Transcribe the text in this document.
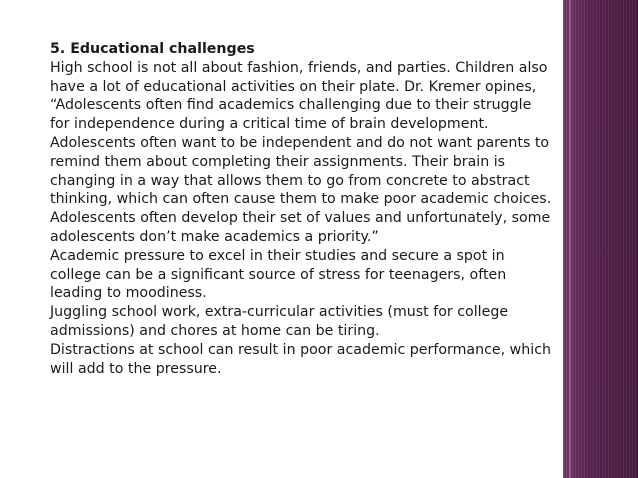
5. Educational challenges
High school is not all about fashion, friends, and parties. Children also have a lot of educational activities on their plate. Dr. Kremer opines, “Adolescents often find academics challenging due to their struggle for independence during a critical time of brain development. Adolescents often want to be independent and do not want parents to remind them about completing their assignments. Their brain is changing in a way that allows them to go from concrete to abstract thinking, which can often cause them to make poor academic choices. Adolescents often develop their set of values and unfortunately, some adolescents don’t make academics a priority.”
Academic pressure to excel in their studies and secure a spot in college can be a significant source of stress for teenagers, often leading to moodiness.
Juggling school work, extra-curricular activities (must for college admissions) and chores at home can be tiring.
Distractions at school can result in poor academic performance, which will add to the pressure.
